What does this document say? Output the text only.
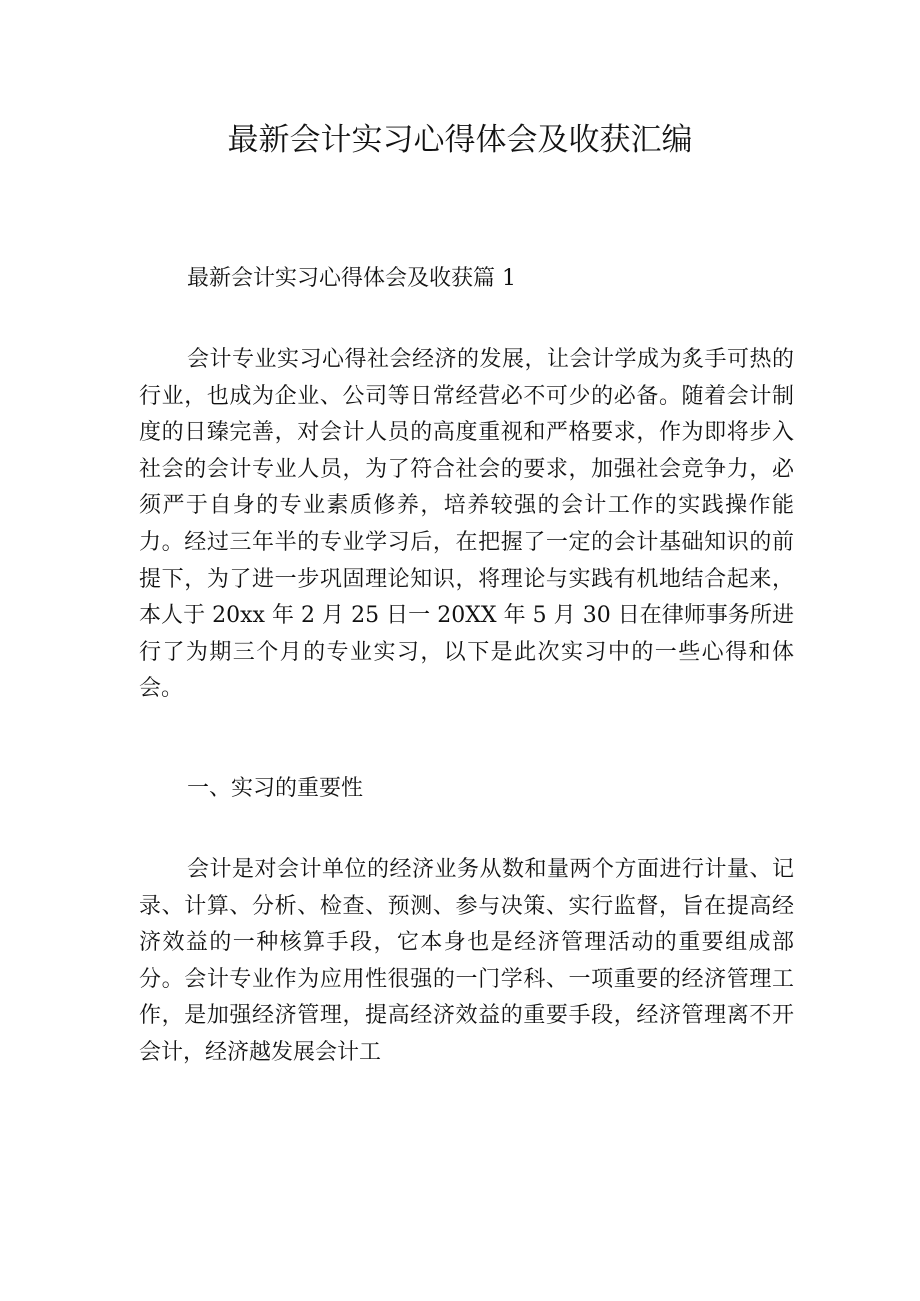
最新会计实习心得体会及收获汇编

最新会计实习心得体会及收获篇 1

会计专业实习心得社会经济的发展，让会计学成为炙手可热的行业，也成为企业、公司等日常经营必不可少的必备。随着会计制度的日臻完善，对会计人员的高度重视和严格要求，作为即将步入社会的会计专业人员，为了符合社会的要求，加强社会竞争力，必须严于自身的专业素质修养，培养较强的会计工作的实践操作能力。经过三年半的专业学习后，在把握了一定的会计基础知识的前提下，为了进一步巩固理论知识，将理论与实践有机地结合起来，本人于 20xx 年 2 月 25 日一 20XX 年 5 月 30 日在律师事务所进行了为期三个月的专业实习，以下是此次实习中的一些心得和体会。

一、实习的重要性

会计是对会计单位的经济业务从数和量两个方面进行计量、记录、计算、分析、检查、预测、参与决策、实行监督，旨在提高经济效益的一种核算手段，它本身也是经济管理活动的重要组成部分。会计专业作为应用性很强的一门学科、一项重要的经济管理工作，是加强经济管理，提高经济效益的重要手段，经济管理离不开会计，经济越发展会计工
